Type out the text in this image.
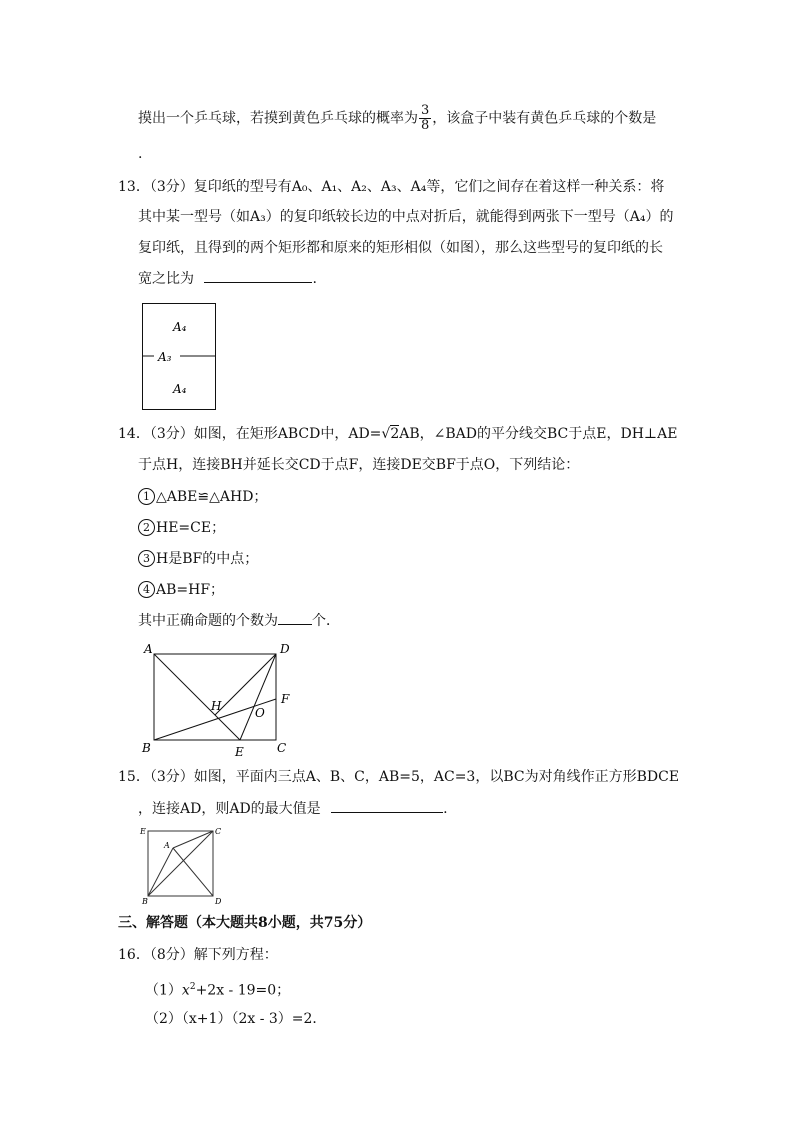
摸出一个乒乓球，若摸到黄色乒乓球的概率为 $\frac{3}{8}$ ，该盒子中装有黄色乒乓球的个数是
.
13．（3分）复印纸的型号有A₀、A₁、A₂、A₃、A₄等，它们之间存在着这样一种关系：将
其中某一型号（如A₃）的复印纸较长边的中点对折后，就能得到两张下一型号（A₄）的
复印纸，且得到的两个矩形都和原来的矩形相似（如图），那么这些型号的复印纸的长
宽之比为	.
A₄
A₃
A₄
14．（3分）如图，在矩形ABCD中，AD=√2AB，∠BAD的平分线交BC于点E，DH⊥AE
于点H，连接BH并延长交CD于点F，连接DE交BF于点O，下列结论：
1 △ABE≌△AHD；
2 HE=CE；
3 H是BF的中点；
4 AB=HF；
其中正确命题的个数为 个．
A	D
B	C
E
F
H	O
15．（3分）如图，平面内三点A、B、C，AB=5，AC=3，以BC为对角线作正方形BDCE
，连接AD，则AD的最大值是	.
E	C
A
B	D
三、解答题（本大题共8小题，共75分）
16．（8分）解下列方程：
$(1)x^2+2x - 19=0$；
（2）（x+1）（2x - 3）=2．
